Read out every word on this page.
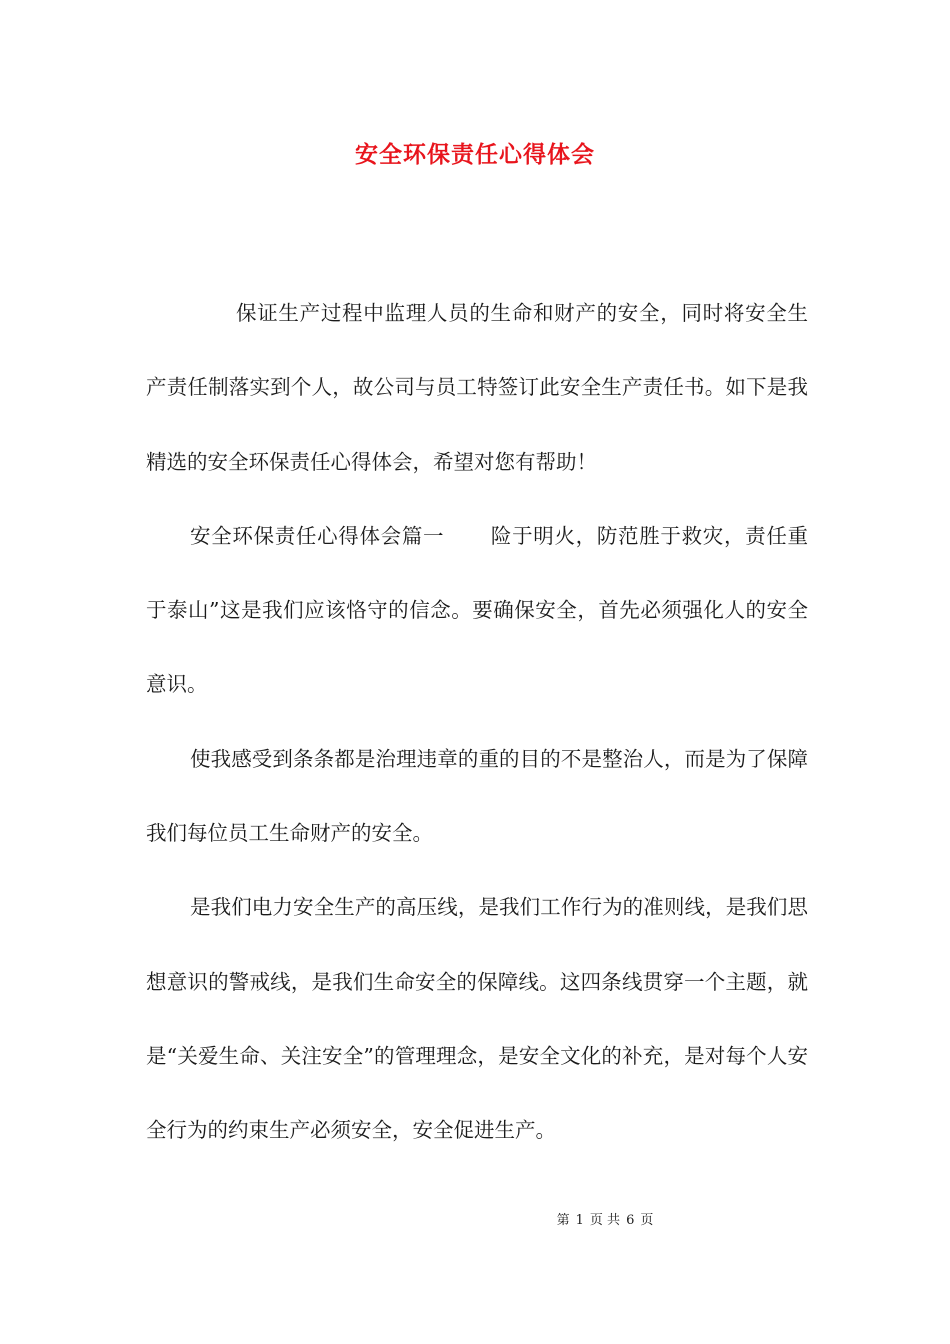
安全环保责任心得体会

保证生产过程中监理人员的生命和财产的安全，同时将安全生产责任制落实到个人，故公司与员工特签订此安全生产责任书。如下是我精选的安全环保责任心得体会，希望对您有帮助！

安全环保责任心得体会篇一 险于明火，防范胜于救灾，责任重于泰山”这是我们应该恪守的信念。要确保安全，首先必须强化人的安全意识。

使我感受到条条都是治理违章的重的目的不是整治人，而是为了保障我们每位员工生命财产的安全。

是我们电力安全生产的高压线，是我们工作行为的准则线，是我们思想意识的警戒线，是我们生命安全的保障线。这四条线贯穿一个主题，就是“关爱生命、关注安全”的管理理念，是安全文化的补充，是对每个人安全行为的约束生产必须安全，安全促进生产。

第 1 页 共 6 页
